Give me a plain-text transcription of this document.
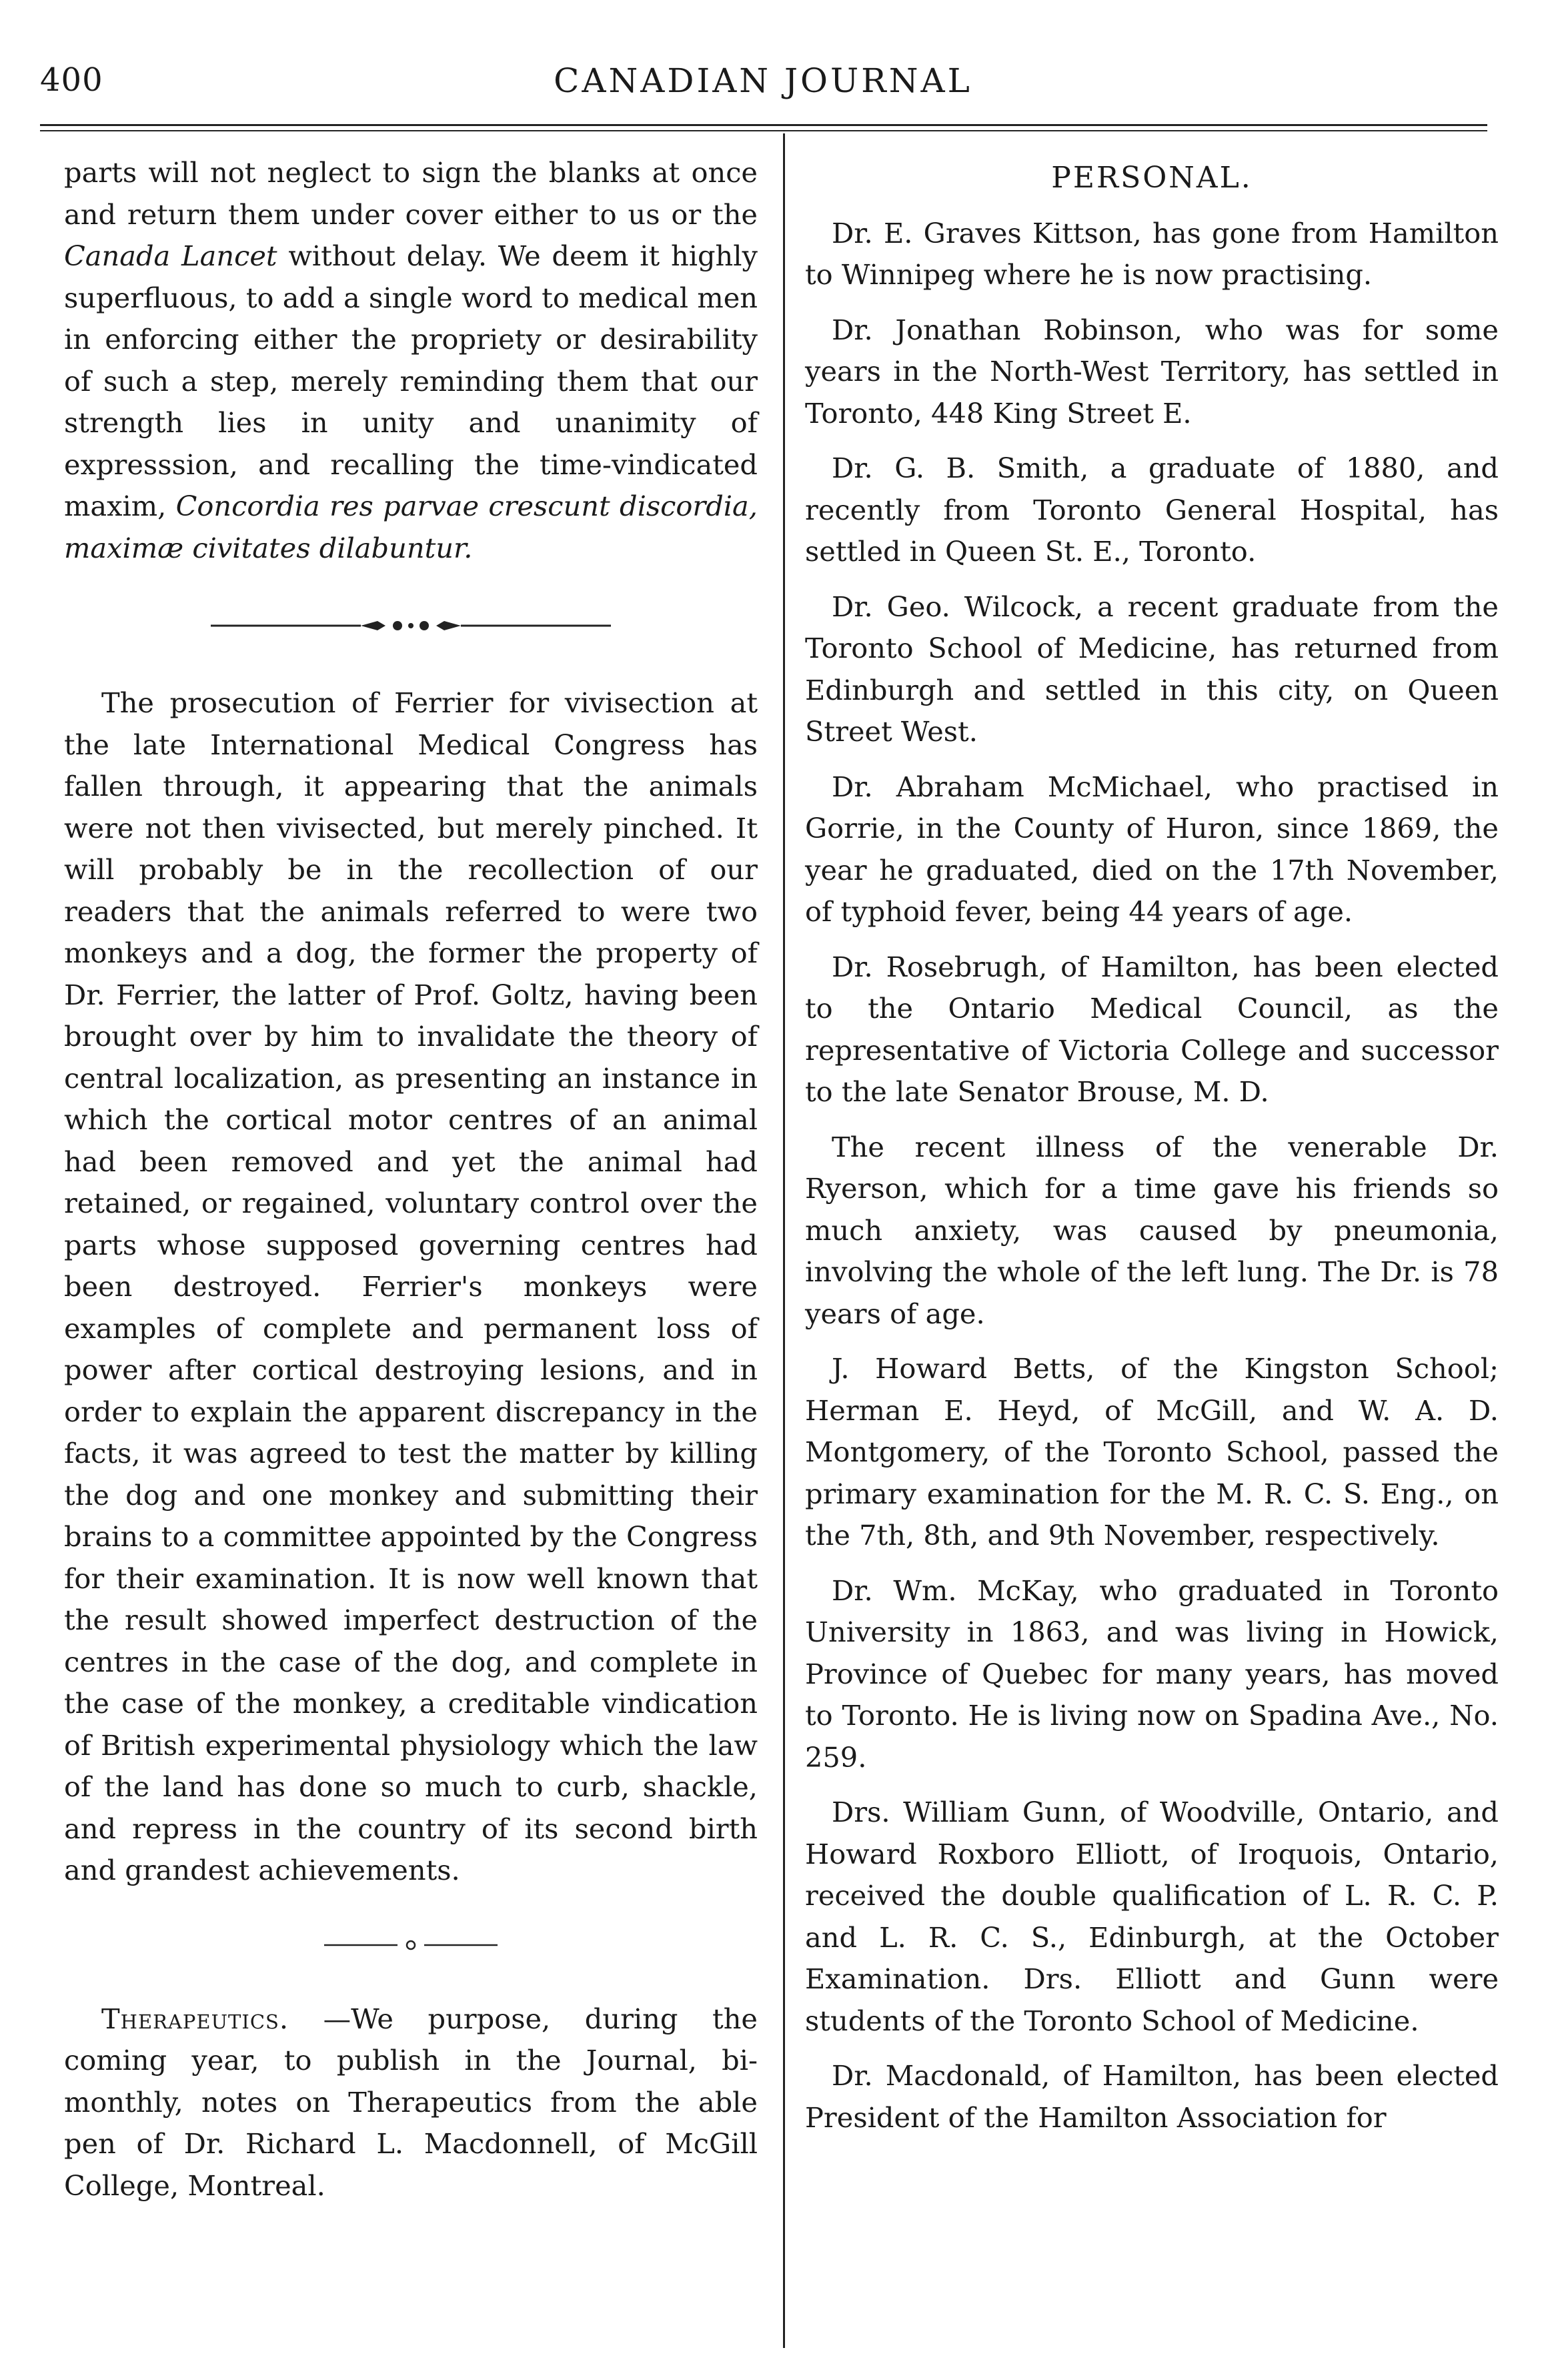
400	CANADIAN JOURNAL

parts will not neglect to sign the blanks at once and return them under cover either to us or the Canada Lancet without delay. We deem it highly superfluous, to add a single word to medical men in enforcing either the propriety or desirability of such a step, merely reminding them that our strength lies in unity and unanimity of expresssion, and recalling the time-vindicated maxim, Concordia res parvae crescunt discordia, maximæ civitates dilabuntur.

The prosecution of Ferrier for vivisection at the late International Medical Congress has fallen through, it appearing that the animals were not then vivisected, but merely pinched. It will probably be in the recollection of our readers that the animals referred to were two monkeys and a dog, the former the property of Dr. Ferrier, the latter of Prof. Goltz, having been brought over by him to invalidate the theory of central localization, as presenting an instance in which the cortical motor centres of an animal had been removed and yet the animal had retained, or regained, voluntary control over the parts whose supposed governing centres had been destroyed. Ferrier's monkeys were examples of complete and permanent loss of power after cortical destroying lesions, and in order to explain the apparent discrepancy in the facts, it was agreed to test the matter by killing the dog and one monkey and submitting their brains to a committee appointed by the Congress for their examination. It is now well known that the result showed imperfect destruction of the centres in the case of the dog, and complete in the case of the monkey, a creditable vindication of British experimental physiology which the law of the land has done so much to curb, shackle, and repress in the country of its second birth and grandest achievements.

Therapeutics. —We purpose, during the coming year, to publish in the Journal, bi-monthly, notes on Therapeutics from the able pen of Dr. Richard L. Macdonnell, of McGill College, Montreal.

PERSONAL.

Dr. E. Graves Kittson, has gone from Hamilton to Winnipeg where he is now practising.

Dr. Jonathan Robinson, who was for some years in the North-West Territory, has settled in Toronto, 448 King Street E.

Dr. G. B. Smith, a graduate of 1880, and recently from Toronto General Hospital, has settled in Queen St. E., Toronto.

Dr. Geo. Wilcock, a recent graduate from the Toronto School of Medicine, has returned from Edinburgh and settled in this city, on Queen Street West.

Dr. Abraham McMichael, who practised in Gorrie, in the County of Huron, since 1869, the year he graduated, died on the 17th November, of typhoid fever, being 44 years of age.

Dr. Rosebrugh, of Hamilton, has been elected to the Ontario Medical Council, as the representative of Victoria College and successor to the late Senator Brouse, M. D.

The recent illness of the venerable Dr. Ryerson, which for a time gave his friends so much anxiety, was caused by pneumonia, involving the whole of the left lung. The Dr. is 78 years of age.

J. Howard Betts, of the Kingston School; Herman E. Heyd, of McGill, and W. A. D. Montgomery, of the Toronto School, passed the primary examination for the M. R. C. S. Eng., on the 7th, 8th, and 9th November, respectively.

Dr. Wm. McKay, who graduated in Toronto University in 1863, and was living in Howick, Province of Quebec for many years, has moved to Toronto. He is living now on Spadina Ave., No. 259.

Drs. William Gunn, of Woodville, Ontario, and Howard Roxboro Elliott, of Iroquois, Ontario, received the double qualification of L. R. C. P. and L. R. C. S., Edinburgh, at the October Examination. Drs. Elliott and Gunn were students of the Toronto School of Medicine.

Dr. Macdonald, of Hamilton, has been elected President of the Hamilton Association for
